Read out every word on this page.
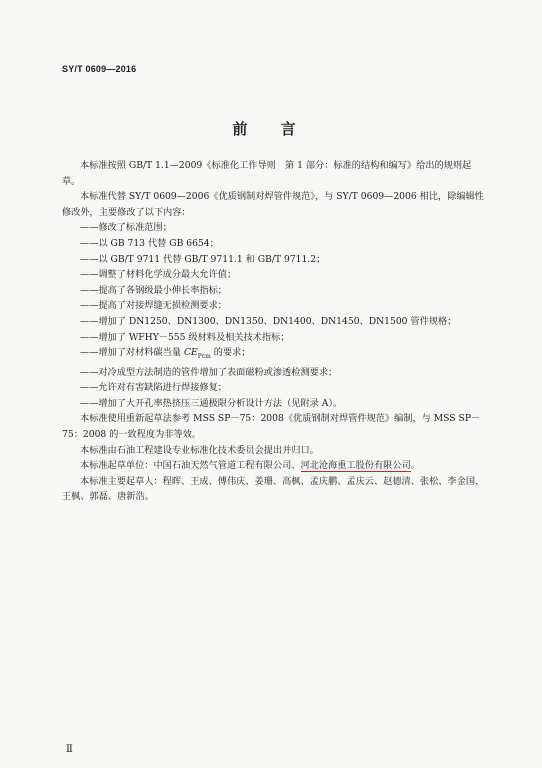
SY/T 0609—2016
前 言

本标准按照 GB/T 1.1—2009《标准化工作导则　第 1 部分：标准的结构和编写》给出的规则起草。

本标准代替 SY/T 0609—2006《优质钢制对焊管件规范》，与 SY/T 0609—2006 相比，除编辑性修改外，主要修改了以下内容：

——修改了标准范围；

——以 GB 713 代替 GB 6654；

——以 GB/T 9711 代替 GB/T 9711.1 和 GB/T 9711.2；

——调整了材料化学成分最大允许值；

——提高了各钢级最小伸长率指标；

——提高了对接焊缝无损检测要求；

——增加了 DN1250、DN1300、DN1350、DN1400、DN1450、DN1500 管件规格；

——增加了 WFHY－555 级材料及相关技术指标；

——增加了对材料碳当量 $CE_{Pcm}$ 的要求；

——对冷成型方法制造的管件增加了表面磁粉或渗透检测要求；

——允许对有害缺陷进行焊接修复；

——增加了大开孔率热挤压三通极限分析设计方法（见附录 A）。

本标准使用重新起草法参考 MSS SP－75：2008《优质钢制对焊管件规范》编制，与 MSS SP－75：2008 的一致程度为非等效。

本标准由石油工程建设专业标准化技术委员会提出并归口。

本标准起草单位：中国石油天然气管道工程有限公司、河北沧海重工股份有限公司。

本标准主要起草人：程晖、王成、傅伟庆、姜珊、高枫、孟庆鹏、孟庆云、赵德清、张松、李金国、王枫、郭磊、唐新浩。

Ⅱ
